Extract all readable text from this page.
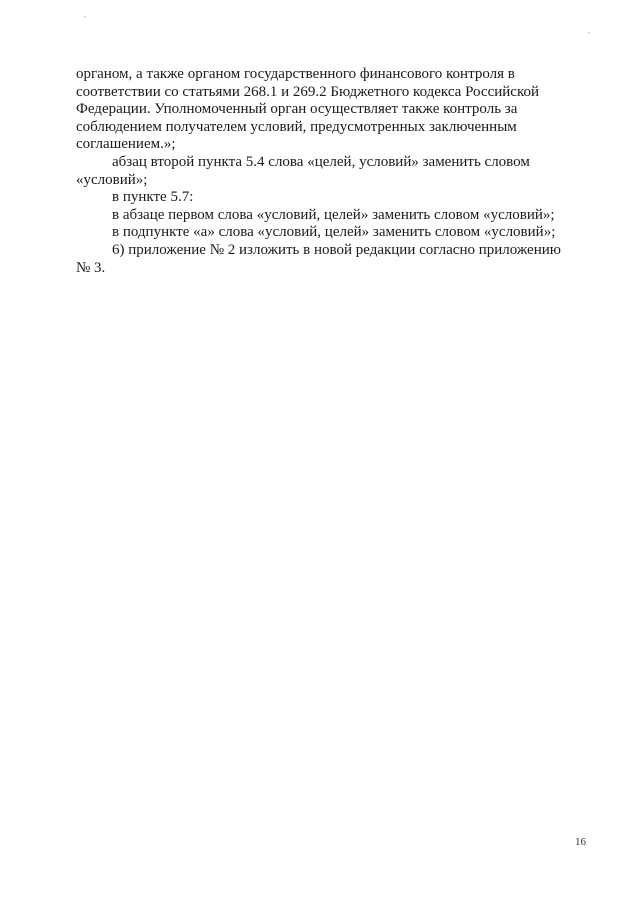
органом, а также органом государственного финансового контроля в
соответствии со статьями 268.1 и 269.2 Бюджетного кодекса Российской
Федерации. Уполномоченный орган осуществляет также контроль за
соблюдением получателем условий, предусмотренных заключенным
соглашением.»;
абзац второй пункта 5.4 слова «целей, условий» заменить словом
«условий»;
в пункте 5.7:
в абзаце первом слова «условий, целей» заменить словом «условий»;
в подпункте «а» слова «условий, целей» заменить словом «условий»;
6) приложение № 2 изложить в новой редакции согласно приложению
№ 3.
16
